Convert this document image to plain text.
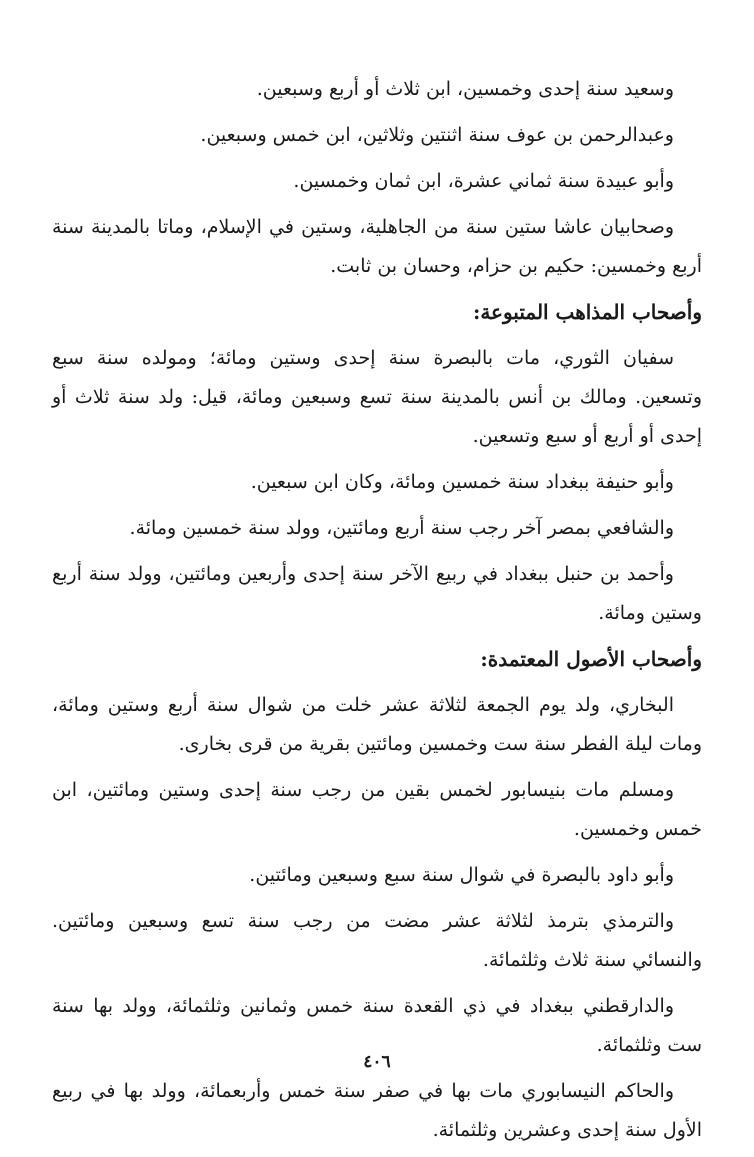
وسعيد سنة إحدى وخمسين، ابن ثلاث أو أربع وسبعين.

وعبدالرحمن بن عوف سنة اثنتين وثلاثين، ابن خمس وسبعين.

وأبو عبيدة سنة ثماني عشرة، ابن ثمان وخمسين.

وصحابيان عاشا ستين سنة من الجاهلية، وستين في الإسلام، وماتا بالمدينة سنة أربع وخمسين: حكيم بن حزام، وحسان بن ثابت.

وأصحاب المذاهب المتبوعة:

سفيان الثوري، مات بالبصرة سنة إحدى وستين ومائة؛ ومولده سنة سبع وتسعين. ومالك بن أنس بالمدينة سنة تسع وسبعين ومائة، قيل: ولد سنة ثلاث أو إحدى أو أربع أو سبع وتسعين.

وأبو حنيفة ببغداد سنة خمسين ومائة، وكان ابن سبعين.

والشافعي بمصر آخر رجب سنة أربع ومائتين، وولد سنة خمسين ومائة.

وأحمد بن حنبل ببغداد في ربيع الآخر سنة إحدى وأربعين ومائتين، وولد سنة أربع وستين ومائة.

وأصحاب الأصول المعتمدة:

البخاري، ولد يوم الجمعة لثلاثة عشر خلت من شوال سنة أربع وستين ومائة، ومات ليلة الفطر سنة ست وخمسين ومائتين بقرية من قرى بخارى.

ومسلم مات بنيسابور لخمس بقين من رجب سنة إحدى وستين ومائتين، ابن خمس وخمسين.

وأبو داود بالبصرة في شوال سنة سبع وسبعين ومائتين.

والترمذي بترمذ لثلاثة عشر مضت من رجب سنة تسع وسبعين ومائتين. والنسائي سنة ثلاث وثلثمائة.

والدارقطني ببغداد في ذي القعدة سنة خمس وثمانين وثلثمائة، وولد بها سنة ست وثلثمائة.

والحاكم النيسابوري مات بها في صفر سنة خمس وأربعمائة، وولد بها في ربيع الأول سنة إحدى وعشرين وثلثمائة.

٤٠٦
